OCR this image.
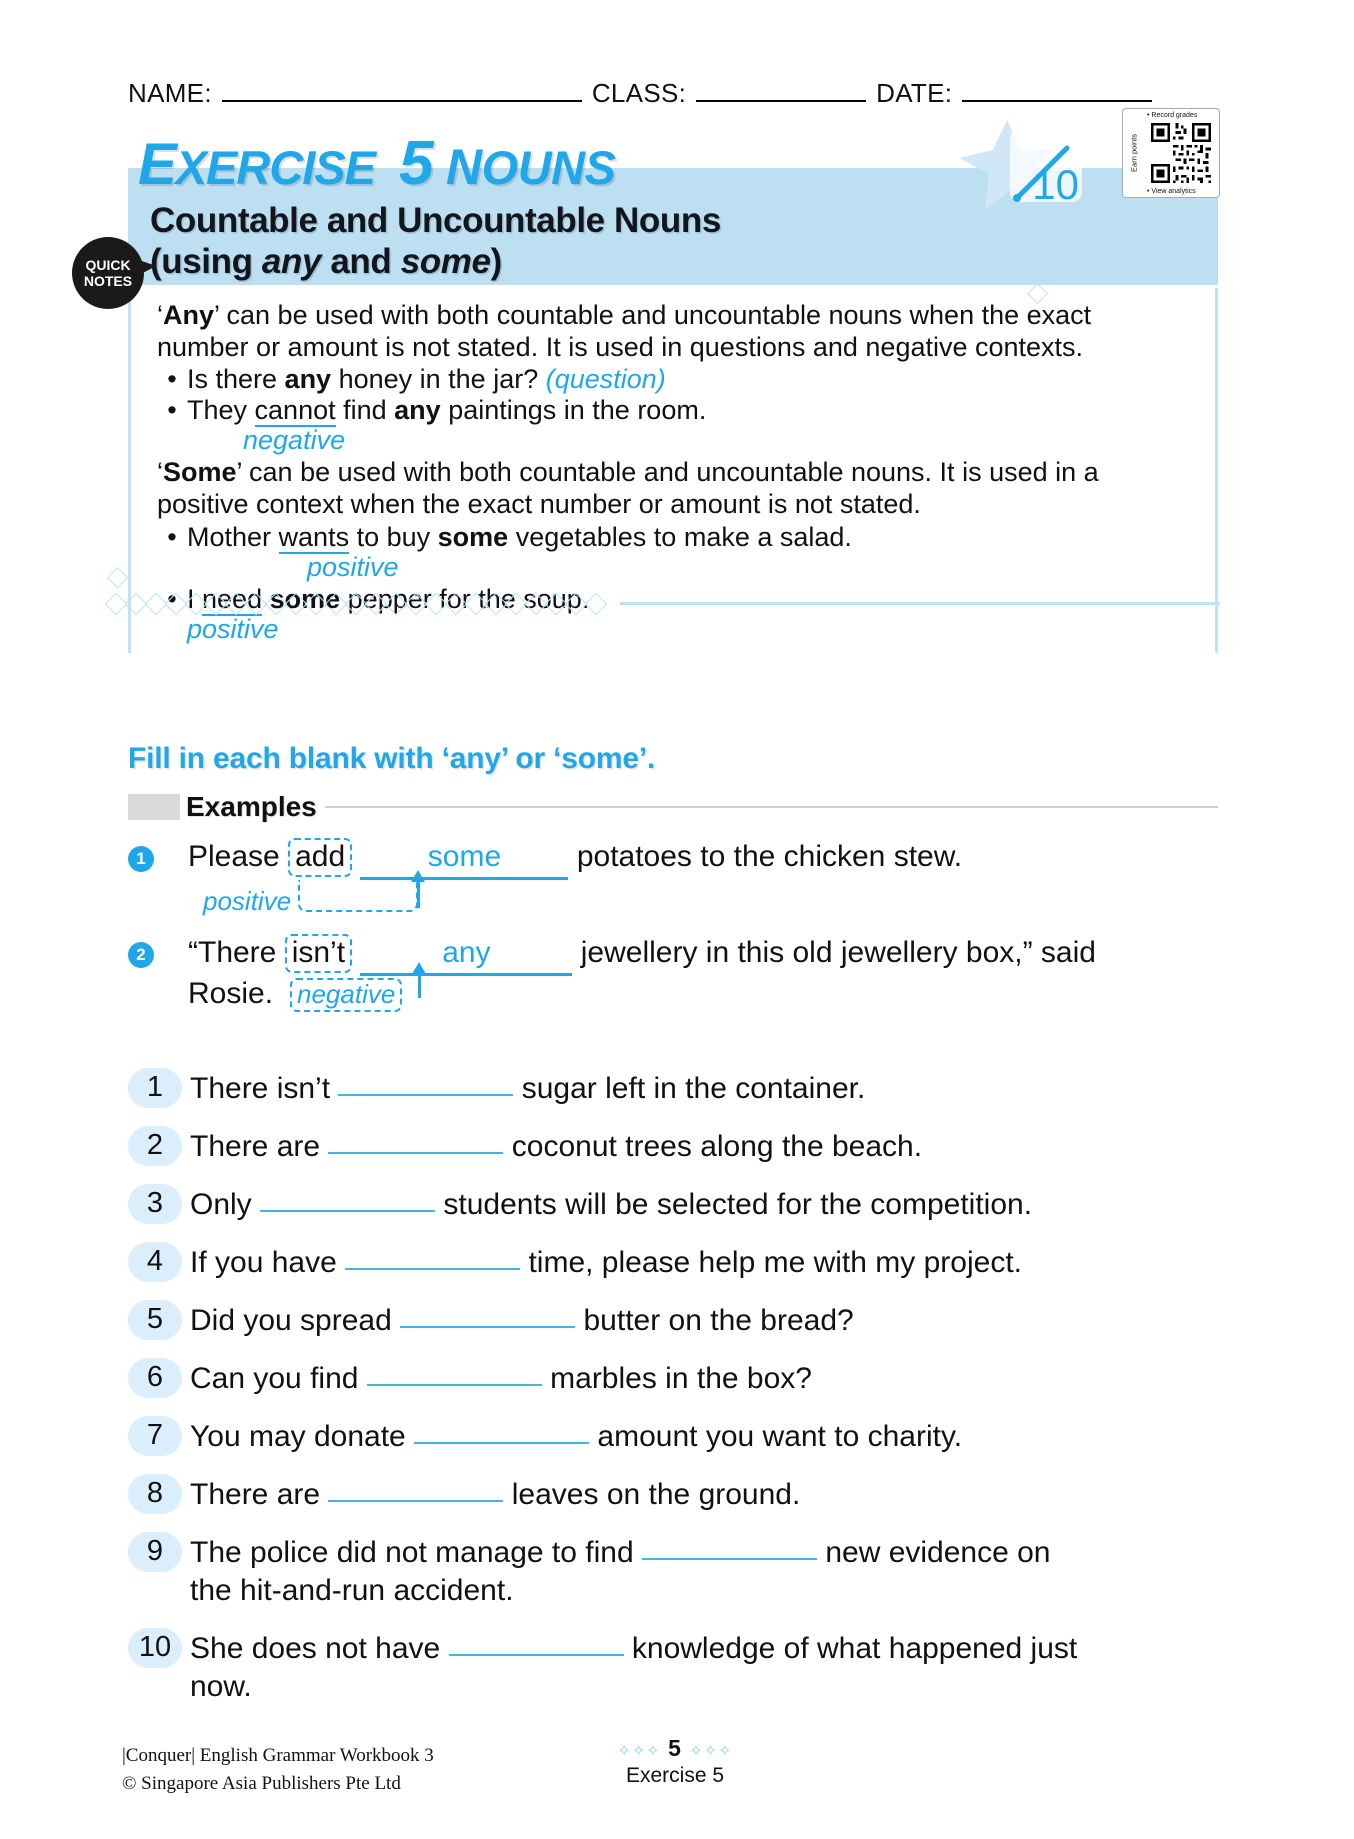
NAME:	CLASS:	DATE:
EXERCISE 5 NOUNS
Countable and Uncountable Nouns
(using any and some)
10
Earn points
• Record grades
• View analytics
QUICK
NOTES

‘Any’ can be used with both countable and uncountable nouns when the exact

number or amount is not stated. It is used in questions and negative contexts.

• Is there any honey in the jar? (question)
• They cannot find any paintings in the room.

negative

‘Some’ can be used with both countable and uncountable nouns. It is used in a

positive context when the exact number or amount is not stated.

• Mother wants to buy some vegetables to make a salad.

positive

• I need some pepper for the soup.

positive

Fill in each blank with ‘any’ or ‘some’.
Examples
1 Please add	some	potatoes to the chicken stew.
positive
2 “There isn’t	any	jewellery in this old jewellery box,” said
Rosie. negative
1 There isn’t	sugar left in the container.
2 There are	coconut trees along the beach.
3 Only	students will be selected for the competition.
4 If you have	time, please help me with my project.
5 Did you spread	butter on the bread?
6 Can you find	marbles in the box?
7 You may donate	amount you want to charity.
8 There are	leaves on the ground.
9 The police did not manage to find	new evidence on
the hit-and-run accident.
10 She does not have	knowledge of what happened just
now.
|Conquer| English Grammar Workbook 3
© Singapore Asia Publishers Pte Ltd
✧✧✧ 5 ✧✧✧
Exercise 5
